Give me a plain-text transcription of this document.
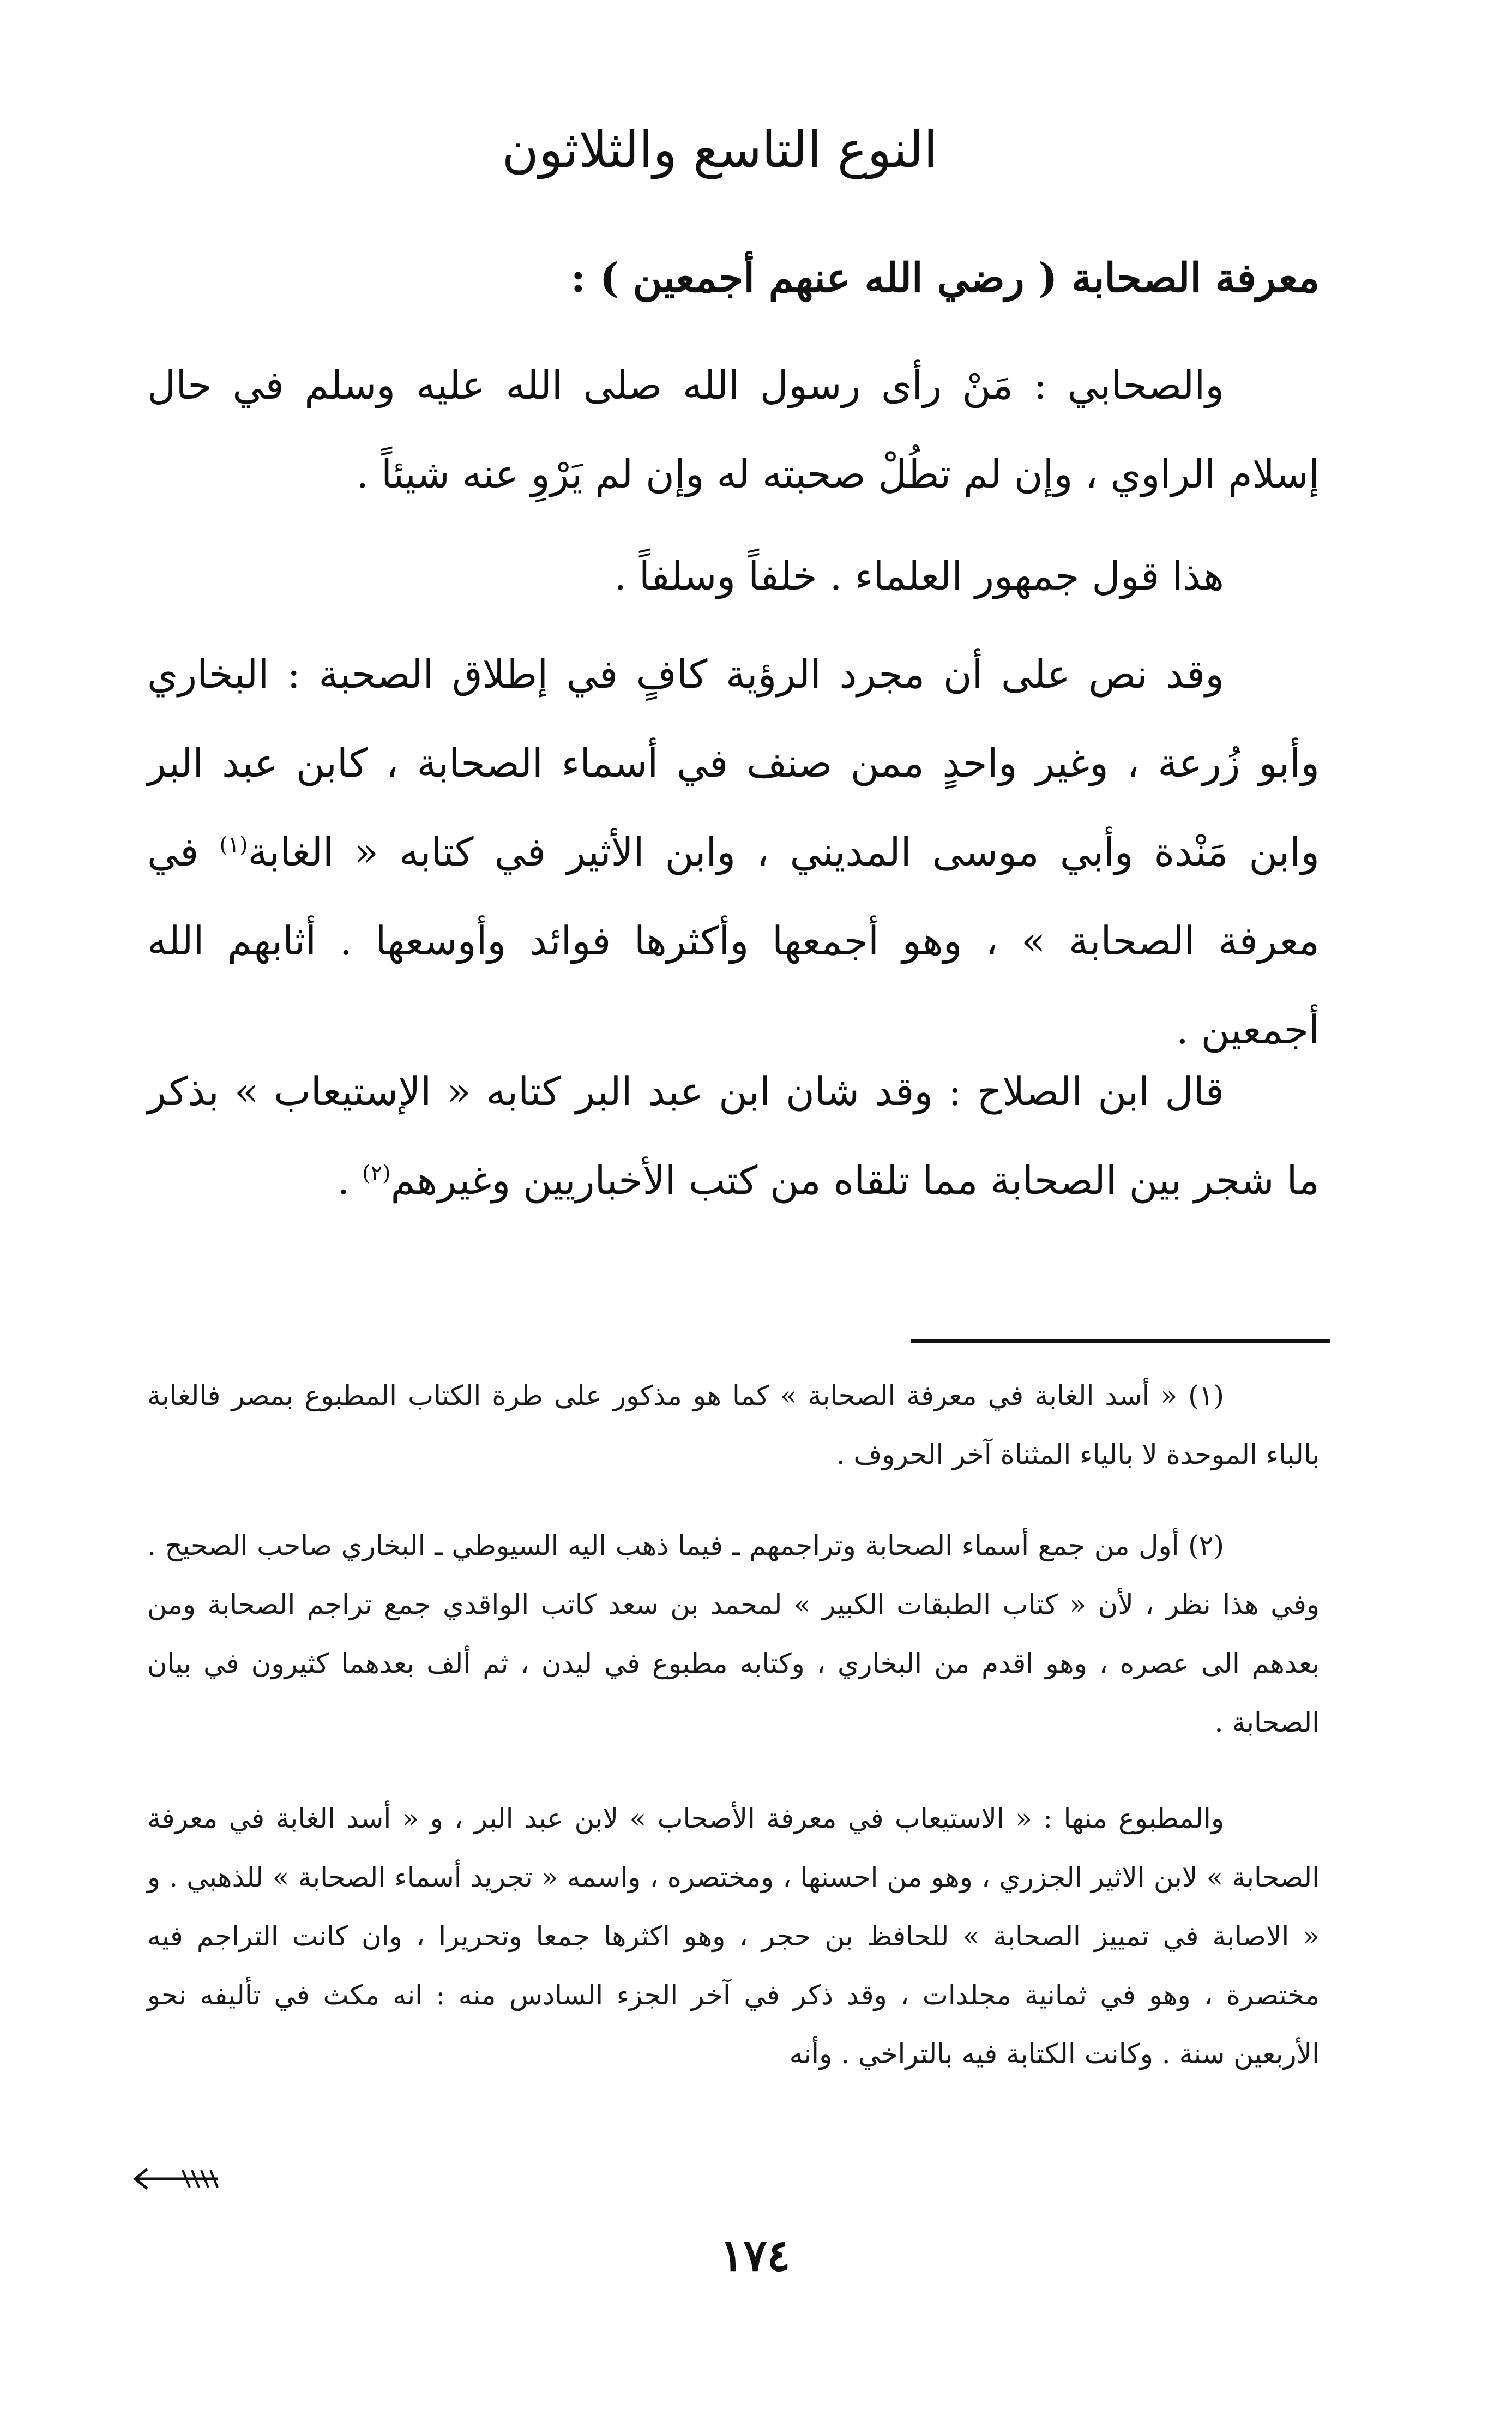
النوع التاسع والثلاثون
معرفة الصحابة ( رضي الله عنهم أجمعين ) :
والصحابي : مَنْ رأى رسول الله صلى الله عليه وسلم في حال إسلام الراوي ، وإن لم تطُلْ صحبته له وإن لم يَرْوِ عنه شيئاً .
هذا قول جمهور العلماء . خلفاً وسلفاً .
وقد نص على أن مجرد الرؤية كافٍ في إطلاق الصحبة : البخاري وأبو زُرعة ، وغير واحدٍ ممن صنف في أسماء الصحابة ، كابن عبد البر وابن مَنْدة وأبي موسى المديني ، وابن الأثير في كتابه « الغابة$^{(١)}$ في معرفة الصحابة » ، وهو أجمعها وأكثرها فوائد وأوسعها . أثابهم الله أجمعين .
قال ابن الصلاح : وقد شان ابن عبد البر كتابه « الإستيعاب » بذكر ما شجر بين الصحابة مما تلقاه من كتب الأخباريين وغيرهم$^{(٢)}$ .
(١) « أسد الغابة في معرفة الصحابة » كما هو مذكور على طرة الكتاب المطبوع بمصر فالغابة بالباء الموحدة لا بالياء المثناة آخر الحروف .
(٢) أول من جمع أسماء الصحابة وتراجمهم ـ فيما ذهب اليه السيوطي ـ البخاري صاحب الصحيح . وفي هذا نظر ، لأن « كتاب الطبقات الكبير » لمحمد بن سعد كاتب الواقدي جمع تراجم الصحابة ومن بعدهم الى عصره ، وهو اقدم من البخاري ، وكتابه مطبوع في ليدن ، ثم ألف بعدهما كثيرون في بيان الصحابة .
والمطبوع منها : « الاستيعاب في معرفة الأصحاب » لابن عبد البر ، و « أسد الغابة في معرفة الصحابة » لابن الاثير الجزري ، وهو من احسنها ، ومختصره ، واسمه « تجريد أسماء الصحابة » للذهبي . و « الاصابة في تمييز الصحابة » للحافظ بن حجر ، وهو اكثرها جمعا وتحريرا ، وان كانت التراجم فيه مختصرة ، وهو في ثمانية مجلدات ، وقد ذكر في آخر الجزء السادس منه : انه مكث في تأليفه نحو الأربعين سنة . وكانت الكتابة فيه بالتراخي . وأنه
١٧٤
